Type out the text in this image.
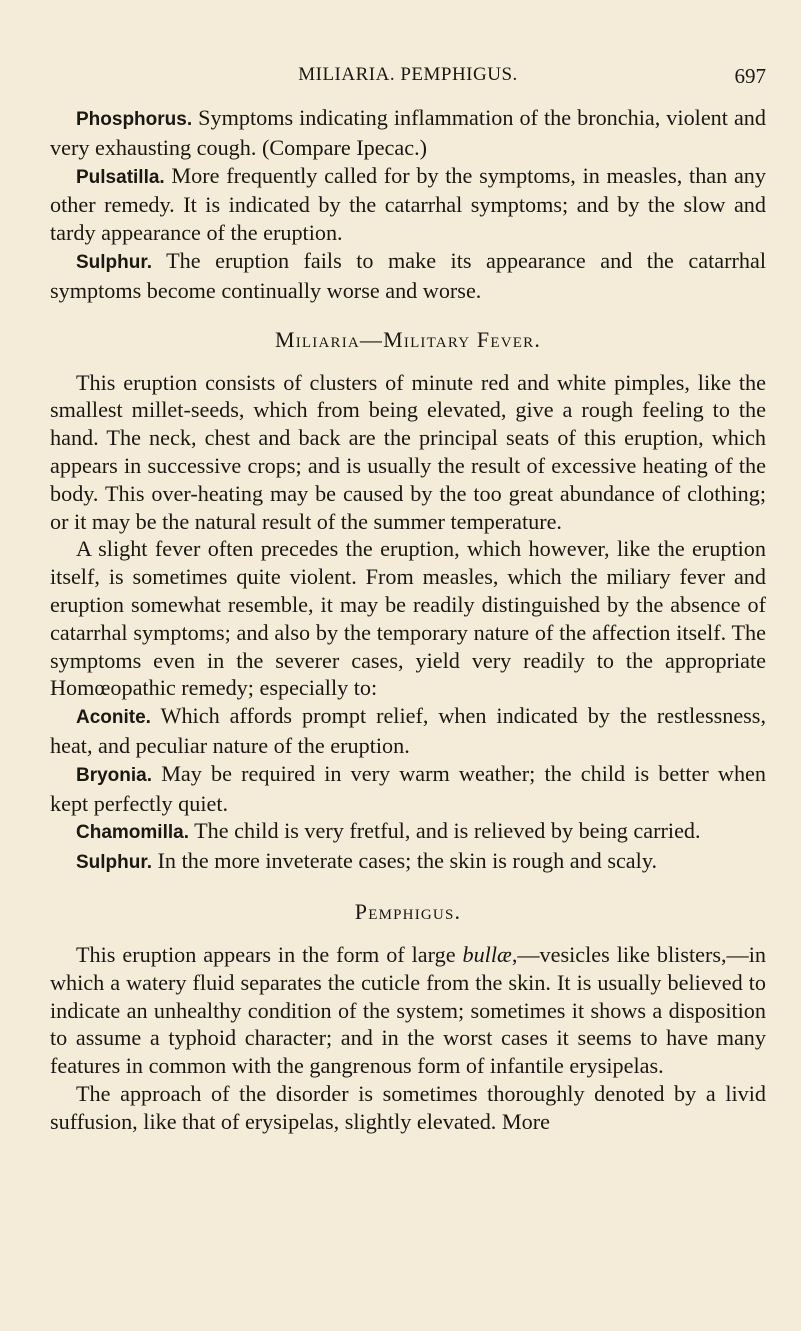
MILIARIA. PEMPHIGUS.	697

Phosphorus. Symptoms indicating inflammation of the bronchia, violent and very exhausting cough. (Compare Ipecac.)

Pulsatilla. More frequently called for by the symptoms, in measles, than any other remedy. It is indicated by the catarrhal symptoms; and by the slow and tardy appearance of the eruption.

Sulphur. The eruption fails to make its appearance and the catarrhal symptoms become continually worse and worse.

Miliaria—Military Fever.

This eruption consists of clusters of minute red and white pimples, like the smallest millet-seeds, which from being elevated, give a rough feeling to the hand. The neck, chest and back are the principal seats of this eruption, which appears in successive crops; and is usually the result of excessive heating of the body. This over-heating may be caused by the too great abundance of clothing; or it may be the natural result of the summer temperature.

A slight fever often precedes the eruption, which however, like the eruption itself, is sometimes quite violent. From measles, which the miliary fever and eruption somewhat resemble, it may be readily distinguished by the absence of catarrhal symptoms; and also by the temporary nature of the affection itself. The symptoms even in the severer cases, yield very readily to the appropriate Homœopathic remedy; especially to:

Aconite. Which affords prompt relief, when indicated by the restlessness, heat, and peculiar nature of the eruption.

Bryonia. May be required in very warm weather; the child is better when kept perfectly quiet.

Chamomilla. The child is very fretful, and is relieved by being carried.

Sulphur. In the more inveterate cases; the skin is rough and scaly.

Pemphigus.

This eruption appears in the form of large bullæ,—vesicles like blisters,—in which a watery fluid separates the cuticle from the skin. It is usually believed to indicate an unhealthy condition of the system; sometimes it shows a disposition to assume a typhoid character; and in the worst cases it seems to have many features in common with the gangrenous form of infantile erysipelas.

The approach of the disorder is sometimes thoroughly denoted by a livid suffusion, like that of erysipelas, slightly elevated. More
